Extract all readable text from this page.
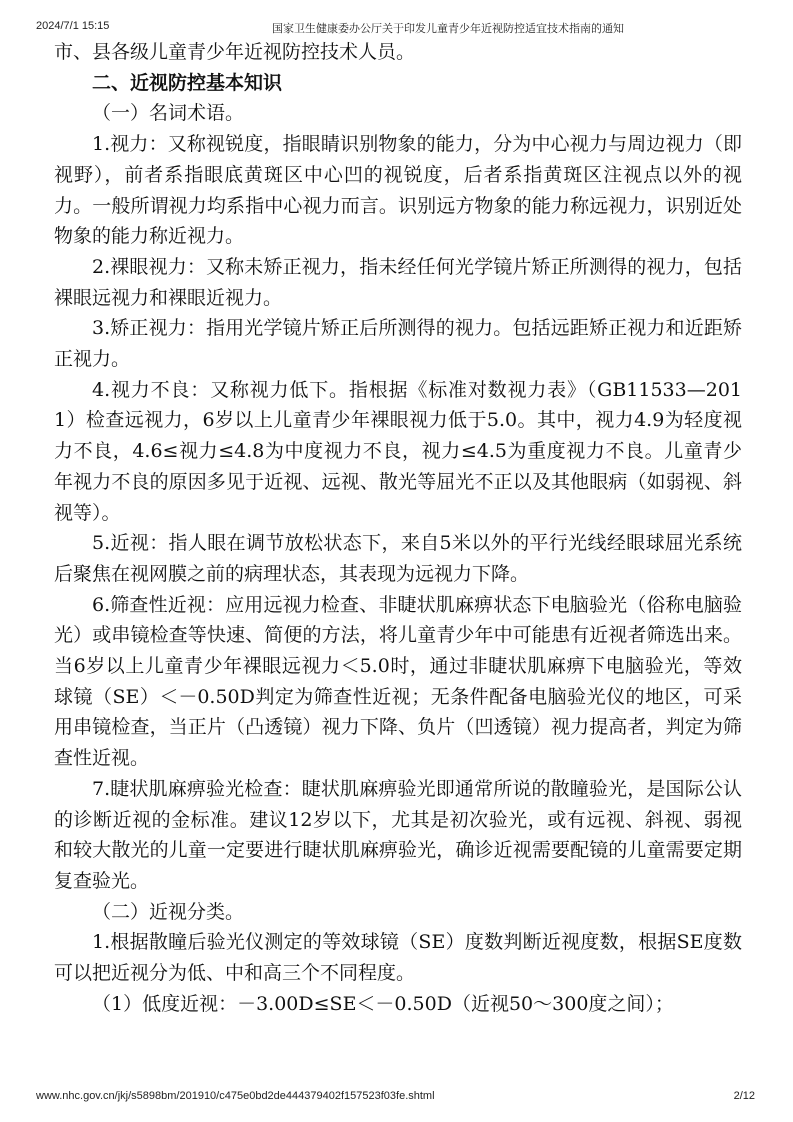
2024/7/1 15:15	国家卫生健康委办公厅关于印发儿童青少年近视防控适宜技术指南的通知

市、县各级儿童青少年近视防控技术人员。

二、近视防控基本知识

（一）名词术语。

1.视力：又称视锐度，指眼睛识别物象的能力，分为中心视力与周边视力（即视野），前者系指眼底黄斑区中心凹的视锐度，后者系指黄斑区注视点以外的视力。一般所谓视力均系指中心视力而言。识别远方物象的能力称远视力，识别近处物象的能力称近视力。

2.裸眼视力：又称未矫正视力，指未经任何光学镜片矫正所测得的视力，包括裸眼远视力和裸眼近视力。

3.矫正视力：指用光学镜片矫正后所测得的视力。包括远距矫正视力和近距矫正视力。

4.视力不良：又称视力低下。指根据《标准对数视力表》（GB11533—2011）检查远视力，6岁以上儿童青少年裸眼视力低于5.0。其中，视力4.9为轻度视力不良，4.6≤视力≤4.8为中度视力不良，视力≤4.5为重度视力不良。儿童青少年视力不良的原因多见于近视、远视、散光等屈光不正以及其他眼病（如弱视、斜视等）。

5.近视：指人眼在调节放松状态下，来自5米以外的平行光线经眼球屈光系统后聚焦在视网膜之前的病理状态，其表现为远视力下降。

6.筛查性近视：应用远视力检查、非睫状肌麻痹状态下电脑验光（俗称电脑验光）或串镜检查等快速、简便的方法，将儿童青少年中可能患有近视者筛选出来。当6岁以上儿童青少年裸眼远视力＜5.0时，通过非睫状肌麻痹下电脑验光，等效球镜（SE）＜－0.50D判定为筛查性近视；无条件配备电脑验光仪的地区，可采用串镜检查，当正片（凸透镜）视力下降、负片（凹透镜）视力提高者，判定为筛查性近视。

7.睫状肌麻痹验光检查：睫状肌麻痹验光即通常所说的散瞳验光，是国际公认的诊断近视的金标准。建议12岁以下，尤其是初次验光，或有远视、斜视、弱视和较大散光的儿童一定要进行睫状肌麻痹验光，确诊近视需要配镜的儿童需要定期复查验光。

（二）近视分类。

1.根据散瞳后验光仪测定的等效球镜（SE）度数判断近视度数，根据SE度数可以把近视分为低、中和高三个不同程度。

（1）低度近视：－3.00D≤SE＜－0.50D（近视50～300度之间）；

www.nhc.gov.cn/jkj/s5898bm/201910/c475e0bd2de444379402f157523f03fe.shtml	2/12
